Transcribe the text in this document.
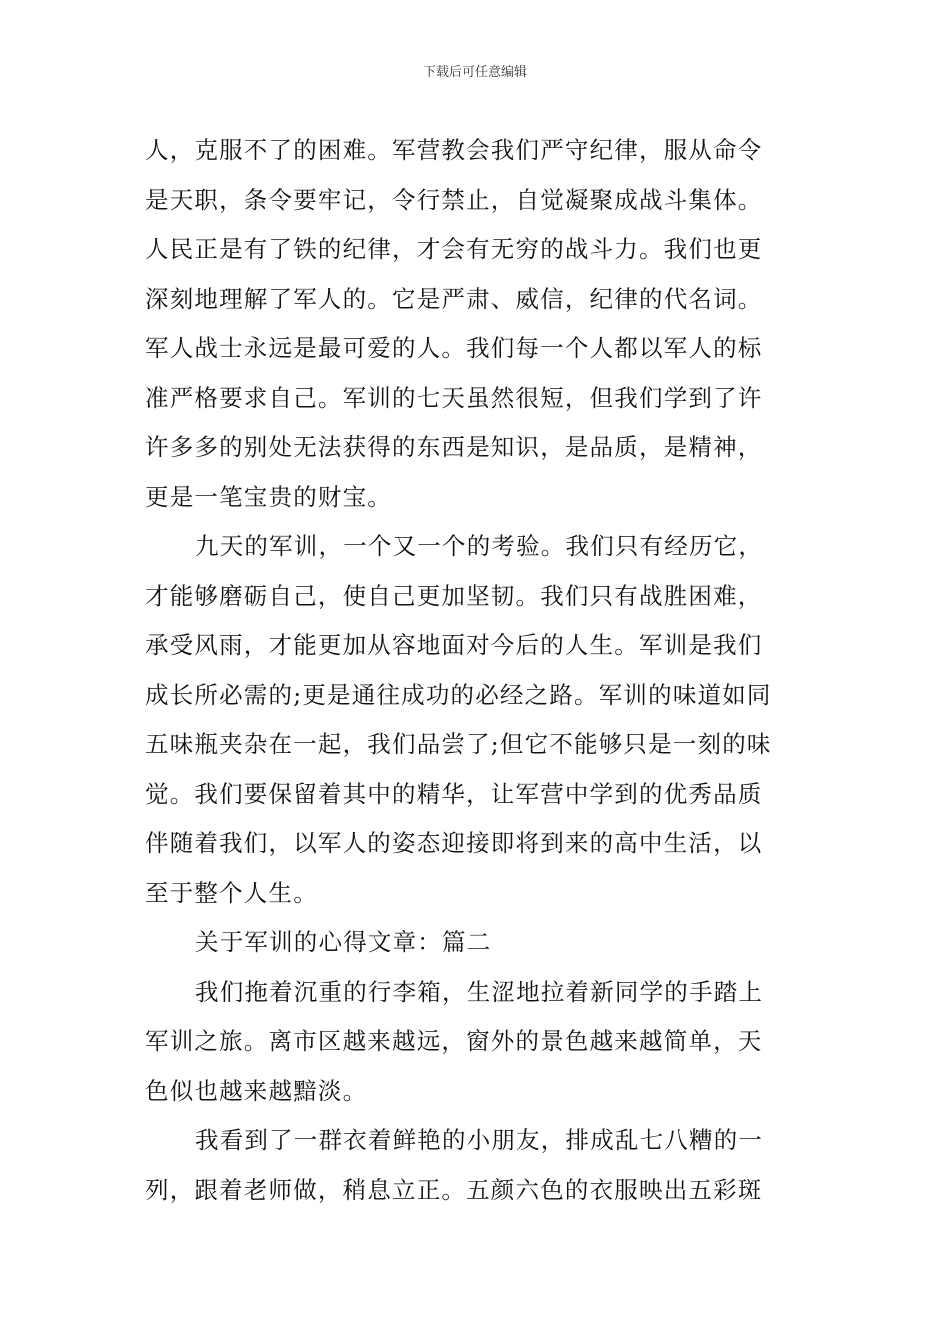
下载后可任意编辑
人，克服不了的困难。军营教会我们严守纪律，服从命令
是天职，条令要牢记，令行禁止，自觉凝聚成战斗集体。
人民正是有了铁的纪律，才会有无穷的战斗力。我们也更
深刻地理解了军人的。它是严肃、威信，纪律的代名词。
军人战士永远是最可爱的人。我们每一个人都以军人的标
准严格要求自己。军训的七天虽然很短，但我们学到了许
许多多的别处无法获得的东西是知识，是品质，是精神，
更是一笔宝贵的财宝。
九天的军训，一个又一个的考验。我们只有经历它，
才能够磨砺自己，使自己更加坚韧。我们只有战胜困难，
承受风雨，才能更加从容地面对今后的人生。军训是我们
成长所必需的;更是通往成功的必经之路。军训的味道如同
五味瓶夹杂在一起，我们品尝了;但它不能够只是一刻的味
觉。我们要保留着其中的精华，让军营中学到的优秀品质
伴随着我们，以军人的姿态迎接即将到来的高中生活，以
至于整个人生。
关于军训的心得文章：篇二
我们拖着沉重的行李箱，生涩地拉着新同学的手踏上
军训之旅。离市区越来越远，窗外的景色越来越简单，天
色似也越来越黯淡。
我看到了一群衣着鲜艳的小朋友，排成乱七八糟的一
列，跟着老师做，稍息立正。五颜六色的衣服映出五彩斑
